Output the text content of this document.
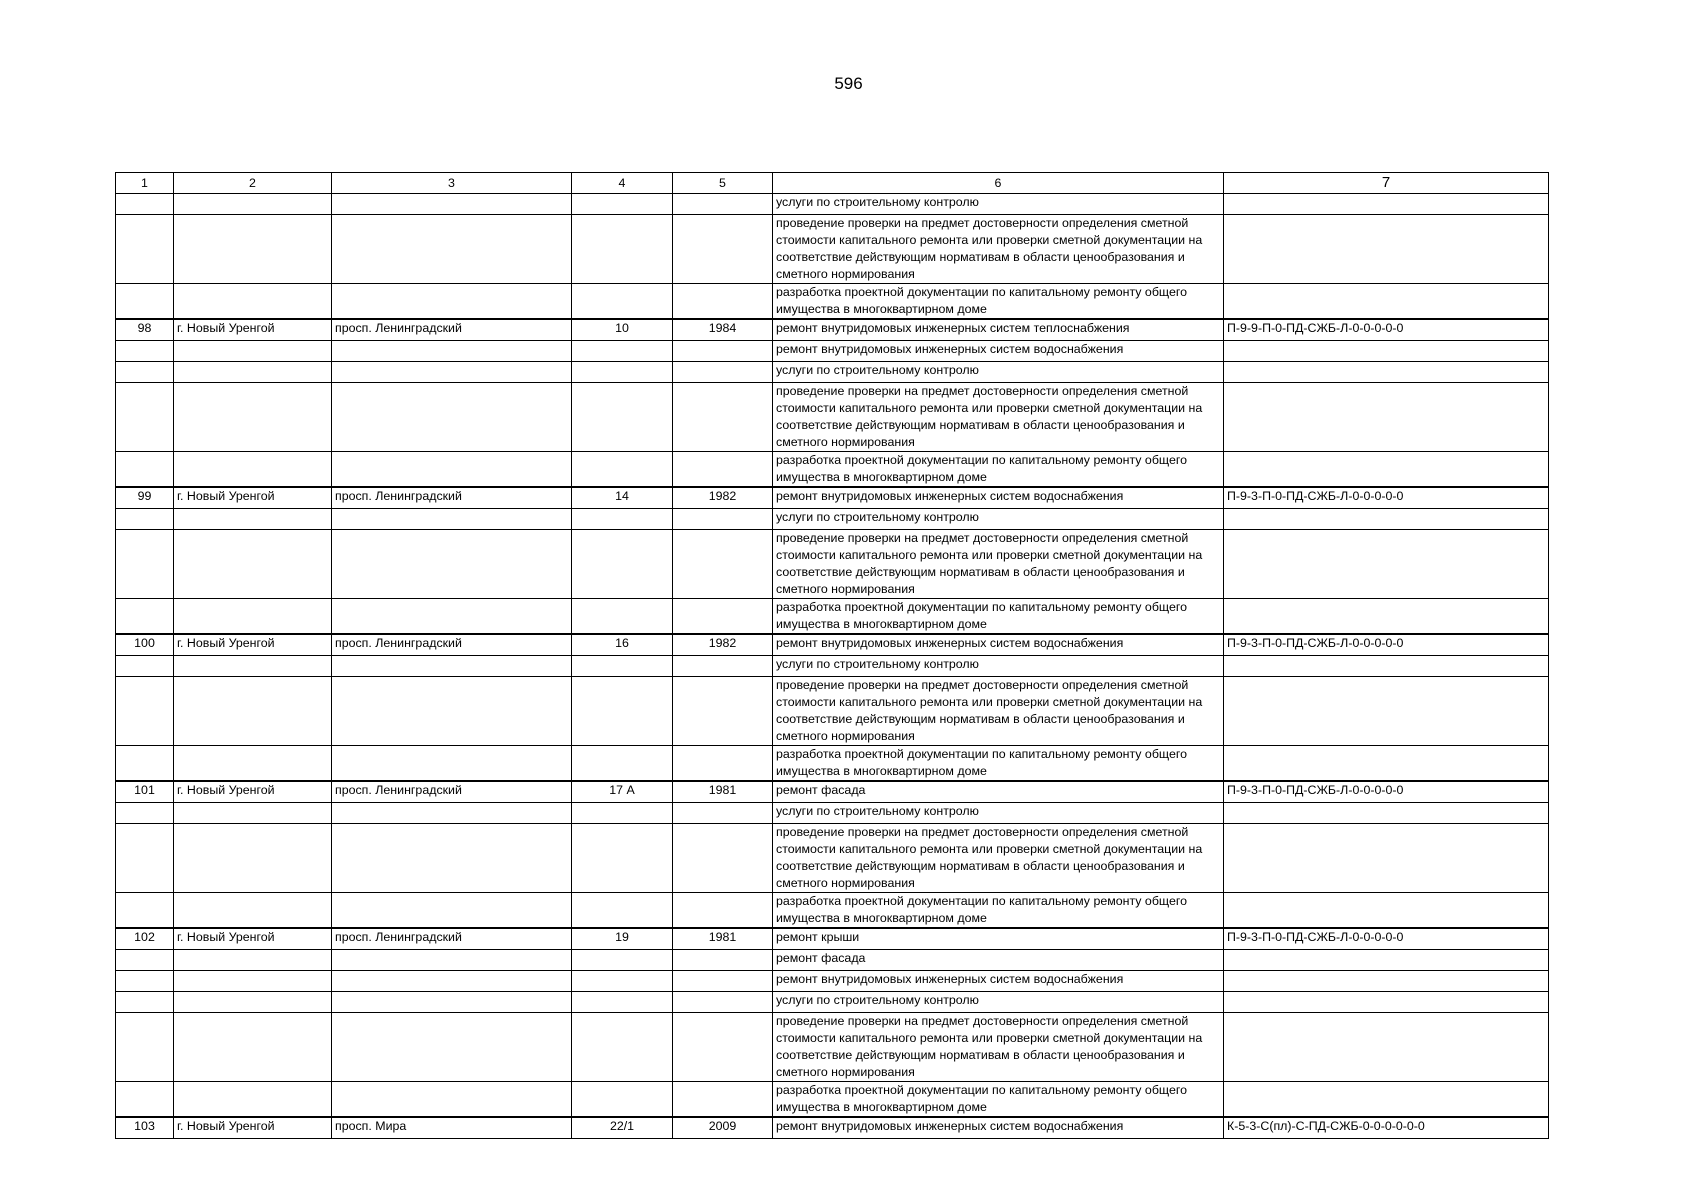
596
1	2	3	4	5	6	7
					услуги по строительному контролю	
					проведение проверки на предмет достоверности определения сметной стоимости капитального ремонта или проверки сметной документации на соответствие действующим нормативам в области ценообразования и сметного нормирования	
					разработка проектной документации по капитальному ремонту общего имущества в многоквартирном доме	
98	г. Новый Уренгой	просп. Ленинградский	10	1984	ремонт внутридомовых инженерных систем теплоснабжения	П-9-9-П-0-ПД-СЖБ-Л-0-0-0-0-0
					ремонт внутридомовых инженерных систем водоснабжения	
					услуги по строительному контролю	
					проведение проверки на предмет достоверности определения сметной стоимости капитального ремонта или проверки сметной документации на соответствие действующим нормативам в области ценообразования и сметного нормирования	
					разработка проектной документации по капитальному ремонту общего имущества в многоквартирном доме	
99	г. Новый Уренгой	просп. Ленинградский	14	1982	ремонт внутридомовых инженерных систем водоснабжения	П-9-3-П-0-ПД-СЖБ-Л-0-0-0-0-0
					услуги по строительному контролю	
					проведение проверки на предмет достоверности определения сметной стоимости капитального ремонта или проверки сметной документации на соответствие действующим нормативам в области ценообразования и сметного нормирования	
					разработка проектной документации по капитальному ремонту общего имущества в многоквартирном доме	
100	г. Новый Уренгой	просп. Ленинградский	16	1982	ремонт внутридомовых инженерных систем водоснабжения	П-9-3-П-0-ПД-СЖБ-Л-0-0-0-0-0
					услуги по строительному контролю	
					проведение проверки на предмет достоверности определения сметной стоимости капитального ремонта или проверки сметной документации на соответствие действующим нормативам в области ценообразования и сметного нормирования	
					разработка проектной документации по капитальному ремонту общего имущества в многоквартирном доме	
101	г. Новый Уренгой	просп. Ленинградский	17 А	1981	ремонт фасада	П-9-3-П-0-ПД-СЖБ-Л-0-0-0-0-0
					услуги по строительному контролю	
					проведение проверки на предмет достоверности определения сметной стоимости капитального ремонта или проверки сметной документации на соответствие действующим нормативам в области ценообразования и сметного нормирования	
					разработка проектной документации по капитальному ремонту общего имущества в многоквартирном доме	
102	г. Новый Уренгой	просп. Ленинградский	19	1981	ремонт крыши	П-9-3-П-0-ПД-СЖБ-Л-0-0-0-0-0
					ремонт фасада	
					ремонт внутридомовых инженерных систем водоснабжения	
					услуги по строительному контролю	
					проведение проверки на предмет достоверности определения сметной стоимости капитального ремонта или проверки сметной документации на соответствие действующим нормативам в области ценообразования и сметного нормирования	
					разработка проектной документации по капитальному ремонту общего имущества в многоквартирном доме	
103	г. Новый Уренгой	просп. Мира	22/1	2009	ремонт внутридомовых инженерных систем водоснабжения	К-5-3-С(пл)-С-ПД-СЖБ-0-0-0-0-0-0
